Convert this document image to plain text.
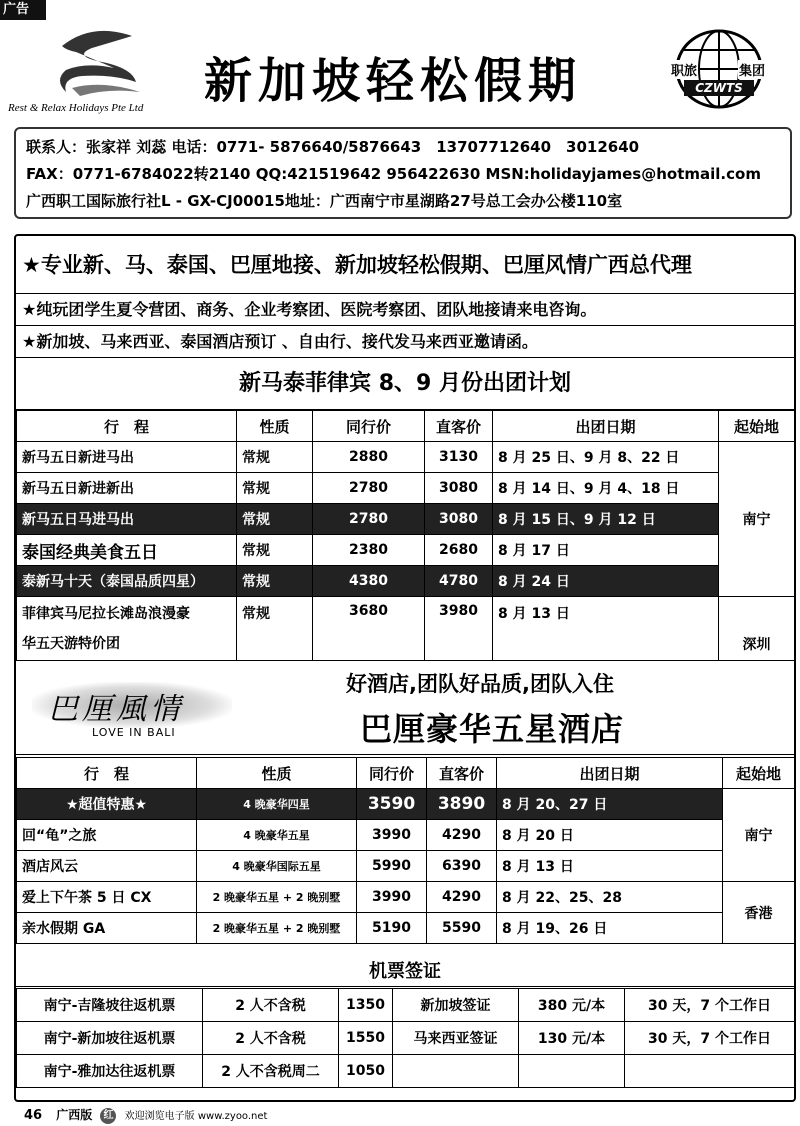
广告
Rest & Relax Holidays Pte Ltd 新加坡轻松假期	职旅	集团
CZWTS
联系人：张家祥 刘蕊 电话：0771- 5876640/5876643　13707712640　3012640
FAX：0771-6784022转2140 QQ:421519642 956422630 MSN:holidayjames@hotmail.com
广西职工国际旅行社L - GX-CJ00015地址：广西南宁市星湖路27号总工会办公楼110室
★专业新、马、泰国、巴厘地接、新加坡轻松假期、巴厘风情广西总代理
★纯玩团学生夏令营团、商务、企业考察团、医院考察团、团队地接请来电咨询。
★新加坡、马来西亚、泰国酒店预订 、自由行、接代发马来西亚邀请函。
新马泰菲律宾 8、9 月份出团计划
行　程	性质	同行价	直客价	出团日期	起始地
新马五日新进马出	常规	2880	3130	8 月 25 日、9 月 8、22 日	南宁
新马五日新进新出	常规	2780	3080	8 月 14 日、9 月 4、18 日	
新马五日马进马出	常规	2780	3080	8 月 15 日、9 月 12 日	
泰国经典美食五日	常规	2380	2680	8 月 17 日	
泰新马十天（泰国品质四星）	常规	4380	4780	8 月 24 日	
菲律宾马尼拉长滩岛浪漫豪
华五天游特价团	常规	3680	3980	8 月 13 日	深圳
巴厘風情
LOVE IN BALI
好酒店,团队好品质,团队入住
巴厘豪华五星酒店
行　程	性质	同行价	直客价	出团日期	起始地
★超值特惠★	4 晚豪华四星	3590	3890	8 月 20、27 日	南宁
回“龟”之旅	4 晚豪华五星	3990	4290	8 月 20 日	
酒店风云	4 晚豪华国际五星	5990	6390	8 月 13 日	
爱上下午茶 5 日 CX	2 晚豪华五星 + 2 晚别墅	3990	4290	8 月 22、25、28	香港
亲水假期 GA	2 晚豪华五星 + 2 晚别墅	5190	5590	8 月 19、26 日	
机票签证
南宁-吉隆坡往返机票	2 人不含税	1350	新加坡签证	380 元/本	30 天，7 个工作日
南宁-新加坡往返机票	2 人不含税	1550	马来西亚签证	130 元/本	30 天，7 个工作日
南宁-雅加达往返机票	2 人不含税周二	1050			
46 广西版 红 欢迎浏览电子版 www.zyoo.net
